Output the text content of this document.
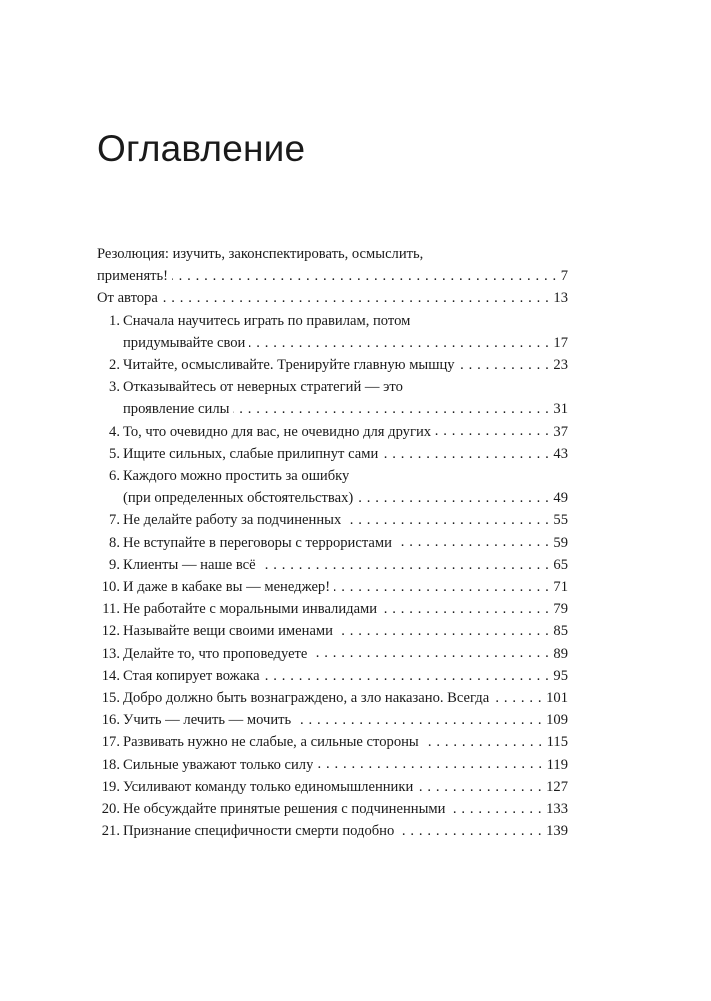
Оглавление
Резолюция: изучить, законспектировать, осмыслить,
применять! . . .	7
От автора . . .	13
1. Сначала научитесь играть по правилам, потом
придумывайте свои . . .	17
2. Читайте, осмысливайте. Тренируйте главную мышцу . . .	23
3. Отказывайтесь от неверных стратегий — это
проявление силы . . .	31
4. То, что очевидно для вас, не очевидно для других . . .	37
5. Ищите сильных, слабые прилипнут сами . . .	43
6. Каждого можно простить за ошибку
(при определенных обстоятельствах) . . .	49
7. Не делайте работу за подчиненных . . .	55
8. Не вступайте в переговоры с террористами . . .	59
9. Клиенты — наше всё . . .	65
10. И даже в кабаке вы — менеджер! . . .	71
11. Не работайте с моральными инвалидами . . .	79
12. Называйте вещи своими именами . . .	85
13. Делайте то, что проповедуете . . .	89
14. Стая копирует вожака . . .	95
15. Добро должно быть вознаграждено, а зло наказано. Всегда . . .	101
16. Учить — лечить — мочить . . .	109
17. Развивать нужно не слабые, а сильные стороны . . .	115
18. Сильные уважают только силу . . .	119
19. Усиливают команду только единомышленники . . .	127
20. Не обсуждайте принятые решения с подчиненными . . .	133
21. Признание специфичности смерти подобно . . .	139
